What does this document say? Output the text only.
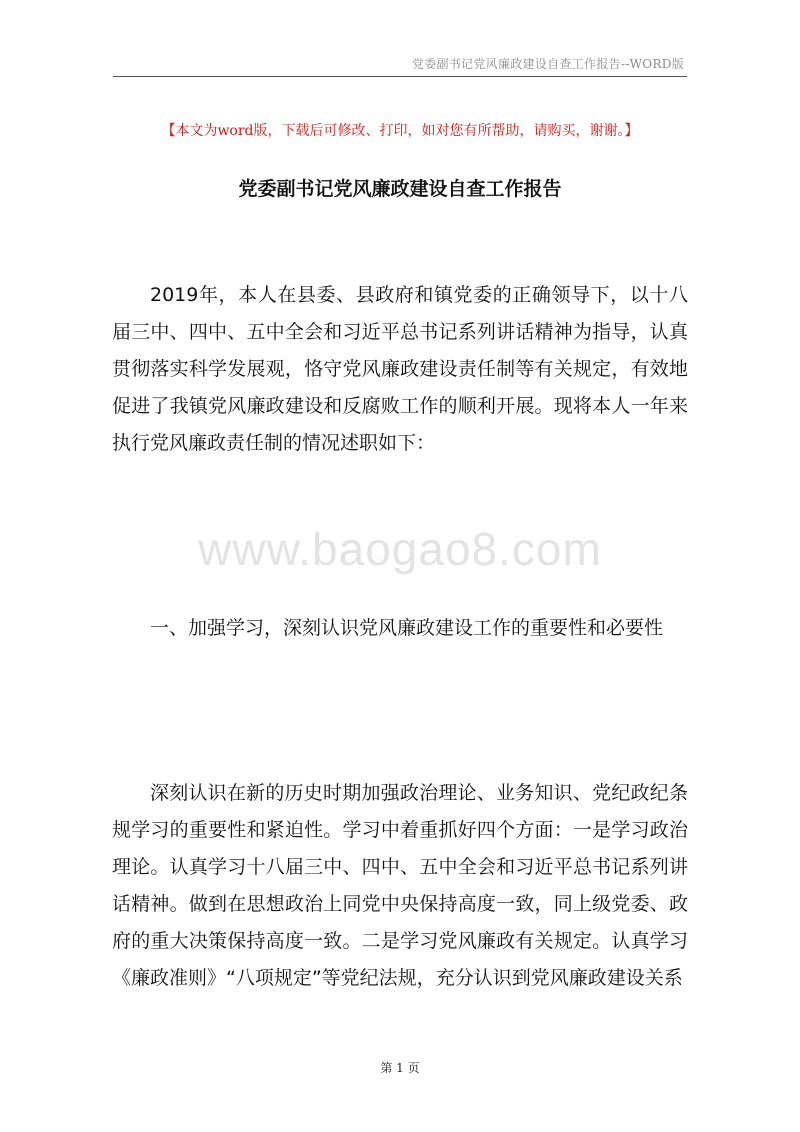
党委副书记党风廉政建设自查工作报告--WORD版
【本文为word版，下载后可修改、打印，如对您有所帮助，请购买，谢谢。】
党委副书记党风廉政建设自查工作报告

2019年，本人在县委、县政府和镇党委的正确领导下，以十八届三中、四中、五中全会和习近平总书记系列讲话精神为指导，认真贯彻落实科学发展观，恪守党风廉政建设责任制等有关规定，有效地促进了我镇党风廉政建设和反腐败工作的顺利开展。现将本人一年来执行党风廉政责任制的情况述职如下：

www.baogao8.com

一、加强学习，深刻认识党风廉政建设工作的重要性和必要性

深刻认识在新的历史时期加强政治理论、业务知识、党纪政纪条规学习的重要性和紧迫性。学习中着重抓好四个方面：一是学习政治理论。认真学习十八届三中、四中、五中全会和习近平总书记系列讲话精神。做到在思想政治上同党中央保持高度一致，同上级党委、政府的重大决策保持高度一致。二是学习党风廉政有关规定。认真学习《廉政准则》“八项规定”等党纪法规，充分认识到党风廉政建设关系

第 1 页
